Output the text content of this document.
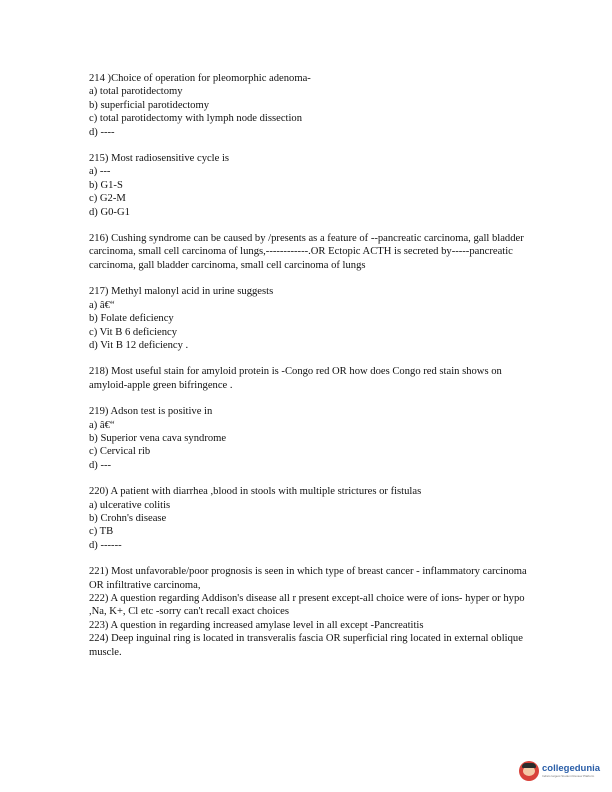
214 )Choice of operation for pleomorphic adenoma-
a) total parotidectomy
b) superficial parotidectomy
c) total parotidectomy with lymph node dissection
d) ----
215) Most radiosensitive cycle is
a) ---
b) G1-S
c) G2-M
d) G0-G1
216) Cushing syndrome can be caused by /presents as a feature of --pancreatic carcinoma, gall bladder carcinoma, small cell carcinoma of lungs,------------.OR Ectopic ACTH is secreted by-----pancreatic carcinoma, gall bladder carcinoma, small cell carcinoma of lungs
217) Methyl malonyl acid in urine suggests
a) â€“
b) Folate deficiency
c) Vit B 6 deficiency
d) Vit B 12 deficiency .
218) Most useful stain for amyloid protein is -Congo red OR how does Congo red stain shows on amyloid-apple green bifringence .
219) Adson test is positive in
a) â€“
b) Superior vena cava syndrome
c) Cervical rib
d) ---
220) A patient with diarrhea ,blood in stools with multiple strictures or fistulas
a) ulcerative colitis
b) Crohn's disease
c) TB
d) ------
221) Most unfavorable/poor prognosis is seen in which type of breast cancer - inflammatory carcinoma OR infiltrative carcinoma,
222) A question regarding Addison's disease all r present except-all choice were of ions- hyper or hypo ,Na, K+, Cl etc -sorry can't recall exact choices
223) A question in regarding increased amylase level in all except -Pancreatitis
224) Deep inguinal ring is located in transveralis fascia OR superficial ring located in external oblique muscle.
collegedunia
India's largest Student Review Platform
